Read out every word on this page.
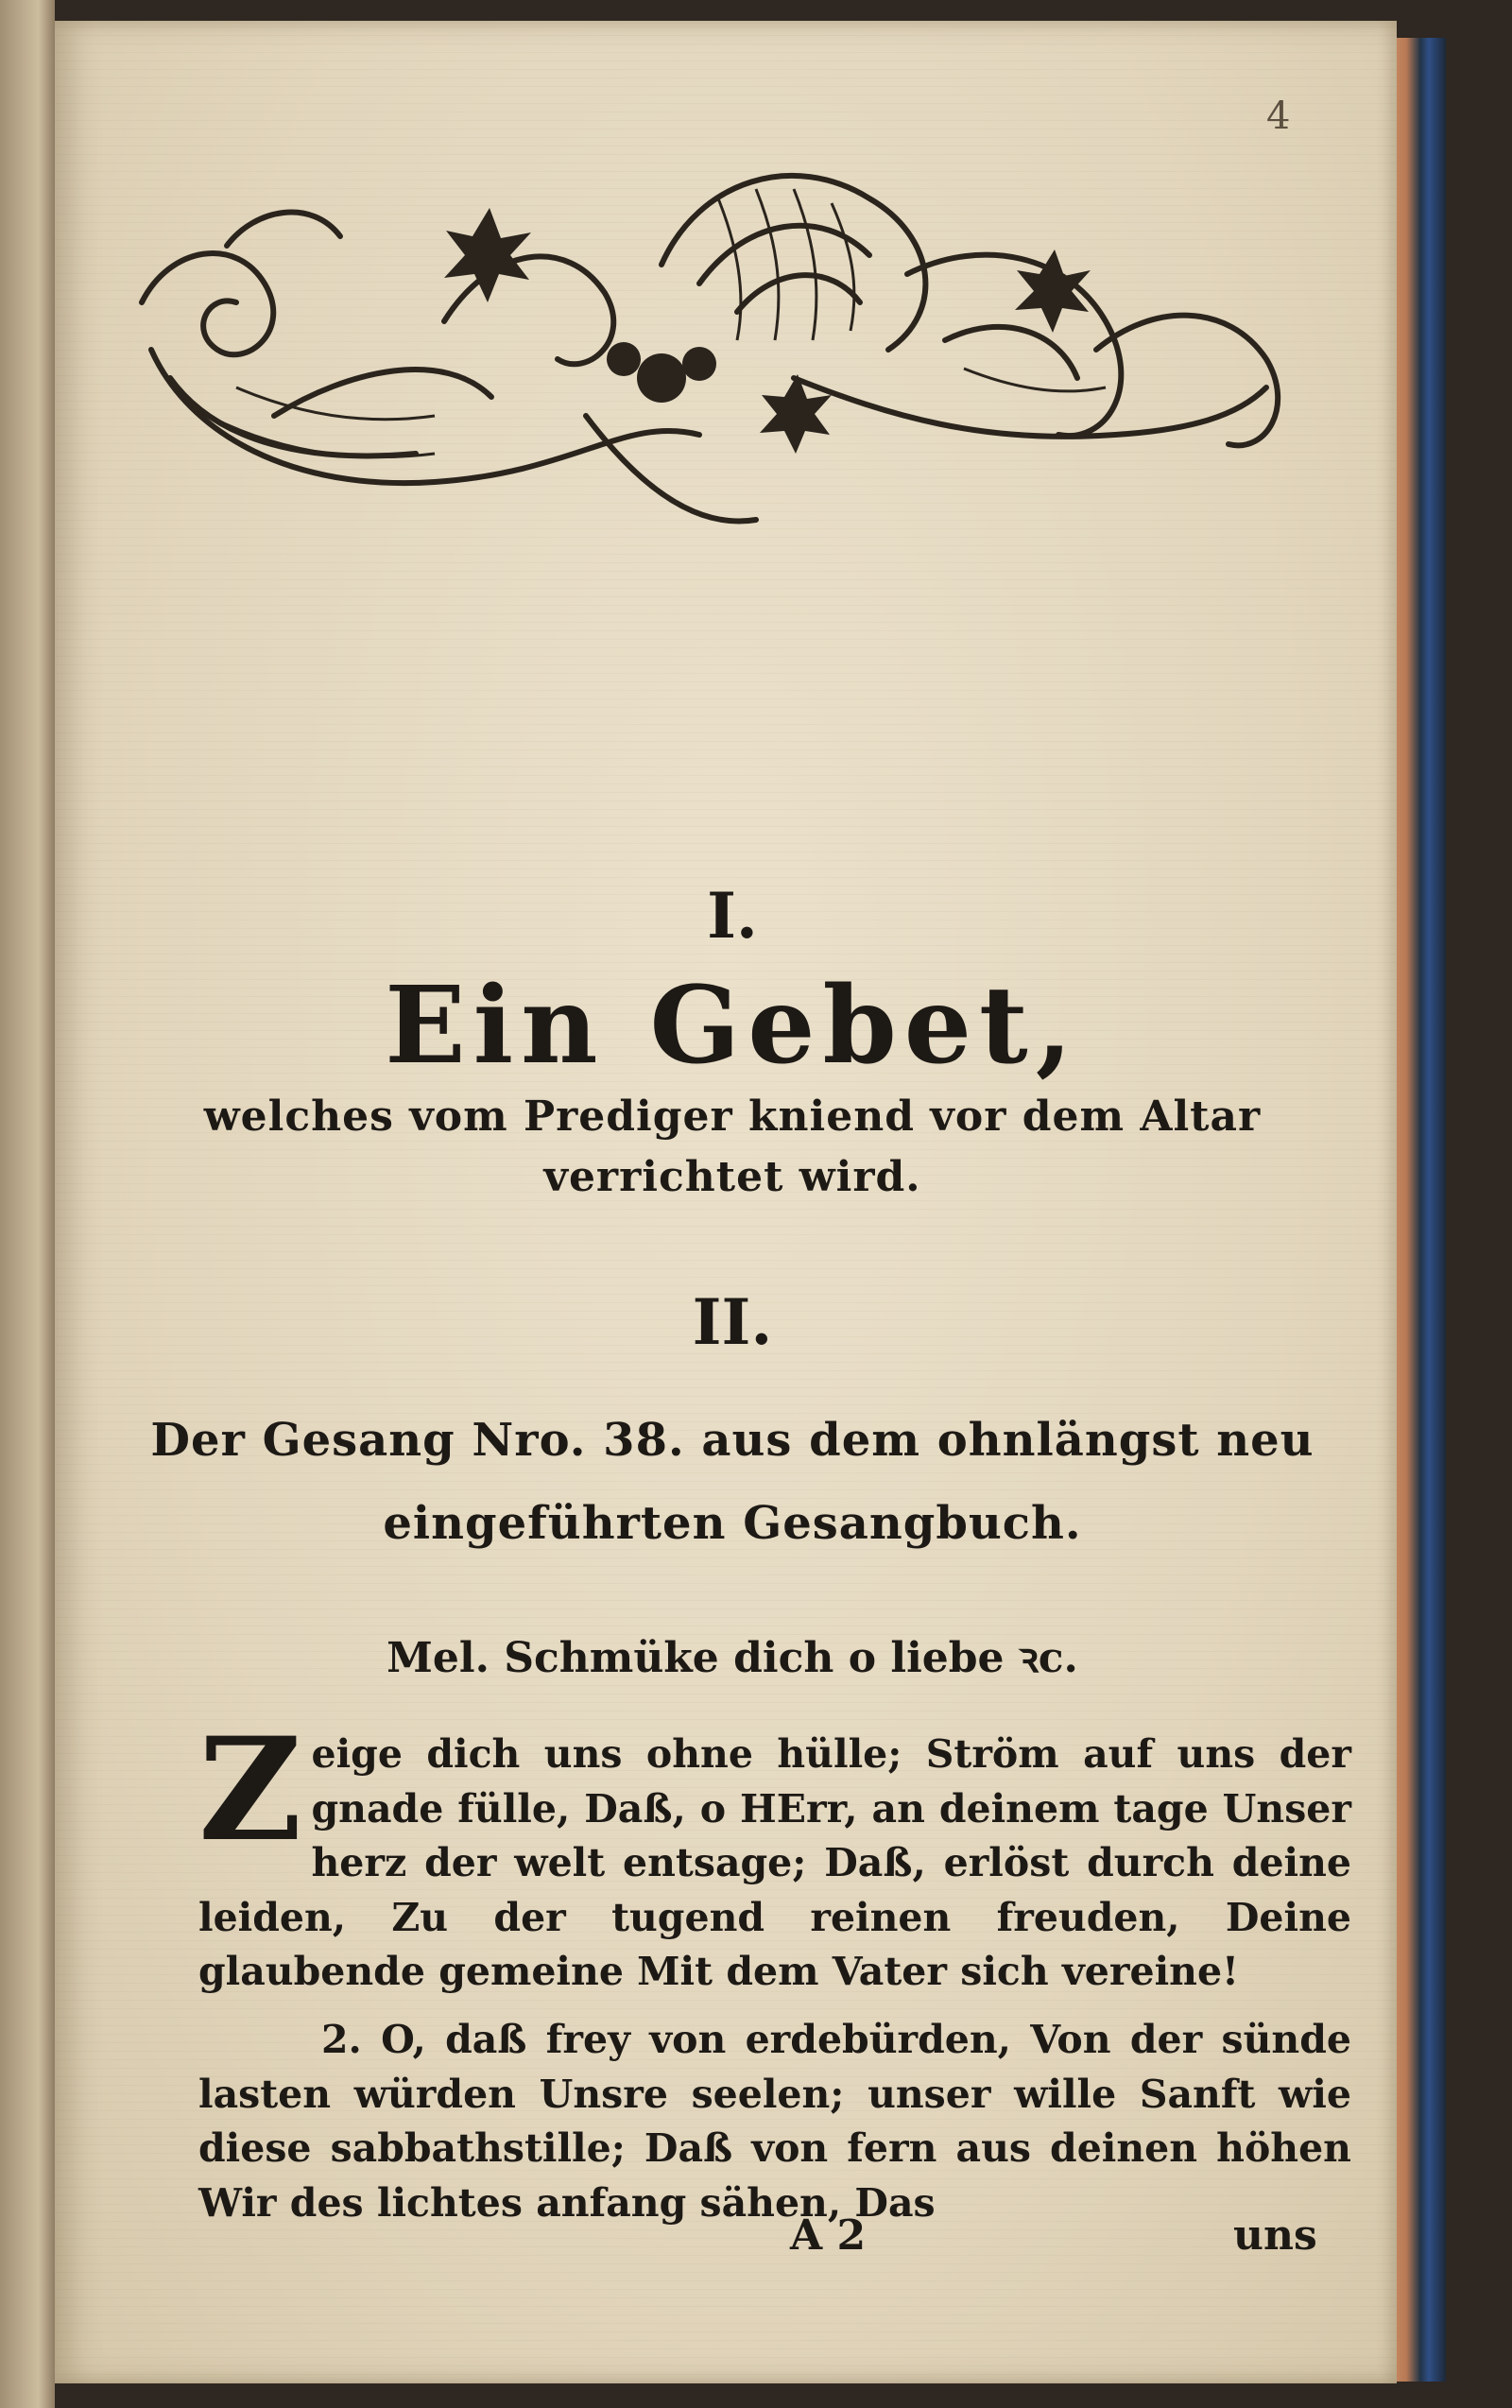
4
I.
Ein Gebet,
welches vom Prediger kniend vor dem Altar verrichtet wird.
II.
Der Gesang Nro. 38. aus dem ohnlängst neu eingeführten Gesangbuch.
Mel. Schmüke dich o liebe ꝛc.
Z eige dich uns ohne hülle; Ström auf uns der gnade fülle, Daß, o HErr, an deinem tage Unser herz der welt entsage; Daß, erlöst durch deine leiden, Zu der tugend reinen freuden, Deine glaubende gemeine Mit dem Vater sich vereine!
2. O, daß frey von erdebürden, Von der sünde lasten würden Unsre seelen; unser wille Sanft wie diese sabbathstille; Daß von fern aus deinen höhen Wir des lichtes anfang sähen, Das
A 2	uns
